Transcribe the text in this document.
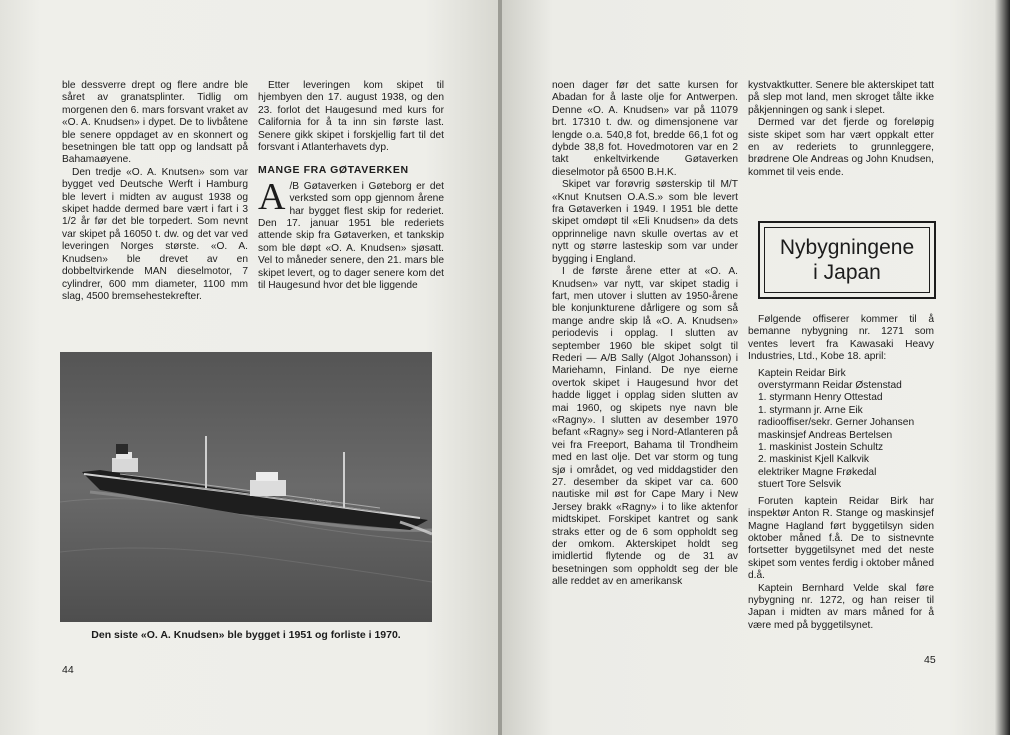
ble dessverre drept og flere andre ble såret av granatsplinter. Tidlig om morgenen den 6. mars forsvant vraket av «O. A. Knudsen» i dypet. De to livbåtene ble senere oppdaget av en skonnert og besetningen ble tatt opp og landsatt på Bahamaøyene.

Den tredje «O. A. Knutsen» som var bygget ved Deutsche Werft i Hamburg ble levert i midten av august 1938 og skipet hadde dermed bare vært i fart i 3 1/2 år før det ble torpedert. Som nevnt var skipet på 16050 t. dw. og det var ved leveringen Norges største. «O. A. Knudsen» ble drevet av en dobbeltvirkende MAN dieselmotor, 7 cylindrer, 600 mm diameter, 1100 mm slag, 4500 bremsehestekrefter.

Etter leveringen kom skipet til hjembyen den 17. august 1938, og den 23. forlot det Haugesund med kurs for California for å ta inn sin første last. Senere gikk skipet i forskjellig fart til det forsvant i Atlanterhavets dyp.

MANGE FRA GØTAVERKEN

A /B Gøtaverken i Gøteborg er det verksted som opp gjennom årene har bygget flest skip for rederiet. Den 17. januar 1951 ble rederiets attende skip fra Gøtaverken, et tankskip som ble døpt «O. A. Knudsen» sjøsatt. Vel to måneder senere, den 21. mars ble skipet levert, og to dager senere kom det til Haugesund hvor det ble liggende

O.A. KNUDSEN
Den siste «O. A. Knudsen» ble bygget i 1951 og forliste i 1970.
44

noen dager før det satte kursen for Abadan for å laste olje for Antwerpen. Denne «O. A. Knudsen» var på 11079 brt. 17310 t. dw. og dimensjonene var lengde o.a. 540,8 fot, bredde 66,1 fot og dybde 38,8 fot. Hovedmotoren var en 2 takt enkeltvirkende Gøtaverken dieselmotor på 6500 B.H.K.

Skipet var forøvrig søsterskip til M/T «Knut Knutsen O.A.S.» som ble levert fra Gøtaverken i 1949. I 1951 ble dette skipet omdøpt til «Eli Knudsen» da dets opprinnelige navn skulle overtas av et nytt og større lasteskip som var under bygging i England.

I de første årene etter at «O. A. Knudsen» var nytt, var skipet stadig i fart, men utover i slutten av 1950-årene ble konjunkturene dårligere og som så mange andre skip lå «O. A. Knudsen» periodevis i opplag. I slutten av september 1960 ble skipet solgt til Rederi — A/B Sally (Algot Johansson) i Mariehamn, Finland. De nye eierne overtok skipet i Haugesund hvor det hadde ligget i opplag siden slutten av mai 1960, og skipets nye navn ble «Ragny». I slutten av desember 1970 befant «Ragny» seg i Nord-Atlanteren på vei fra Freeport, Bahama til Trondheim med en last olje. Det var storm og tung sjø i området, og ved middagstider den 27. desember da skipet var ca. 600 nautiske mil øst for Cape Mary i New Jersey brakk «Ragny» i to like aktenfor midtskipet. Forskipet kantret og sank straks etter og de 6 som oppholdt seg der omkom. Akterskipet holdt seg imidlertid flytende og de 31 av besetningen som oppholdt seg der ble alle reddet av en amerikansk

kystvaktkutter. Senere ble akterskipet tatt på slep mot land, men skroget tålte ikke påkjenningen og sank i slepet.

Dermed var det fjerde og foreløpig siste skipet som har vært oppkalt etter en av rederiets to grunnleggere, brødrene Ole Andreas og John Knudsen, kommet til veis ende.

Følgende offiserer kommer til å bemanne nybygning nr. 1271 som ventes levert fra Kawasaki Heavy Industries, Ltd., Kobe 18. april:

Kaptein Reidar Birk
overstyrmann Reidar Østenstad
1. styrmann Henry Ottestad
1. styrmann jr. Arne Eik
radiooffiser/sekr. Gerner Johansen
maskinsjef Andreas Bertelsen
1. maskinist Jostein Schultz
2. maskinist Kjell Kalkvik
elektriker Magne Frøkedal
stuert Tore Selsvik

Foruten kaptein Reidar Birk har inspektør Anton R. Stange og maskinsjef Magne Hagland ført byggetilsyn siden oktober måned f.å. De to sistnevnte fortsetter byggetilsynet med det neste skipet som ventes ferdig i oktober måned d.å.

Kaptein Bernhard Velde skal føre nybygning nr. 1272, og han reiser til Japan i midten av mars måned for å være med på byggetilsynet.

45
Nybygningene
i Japan
